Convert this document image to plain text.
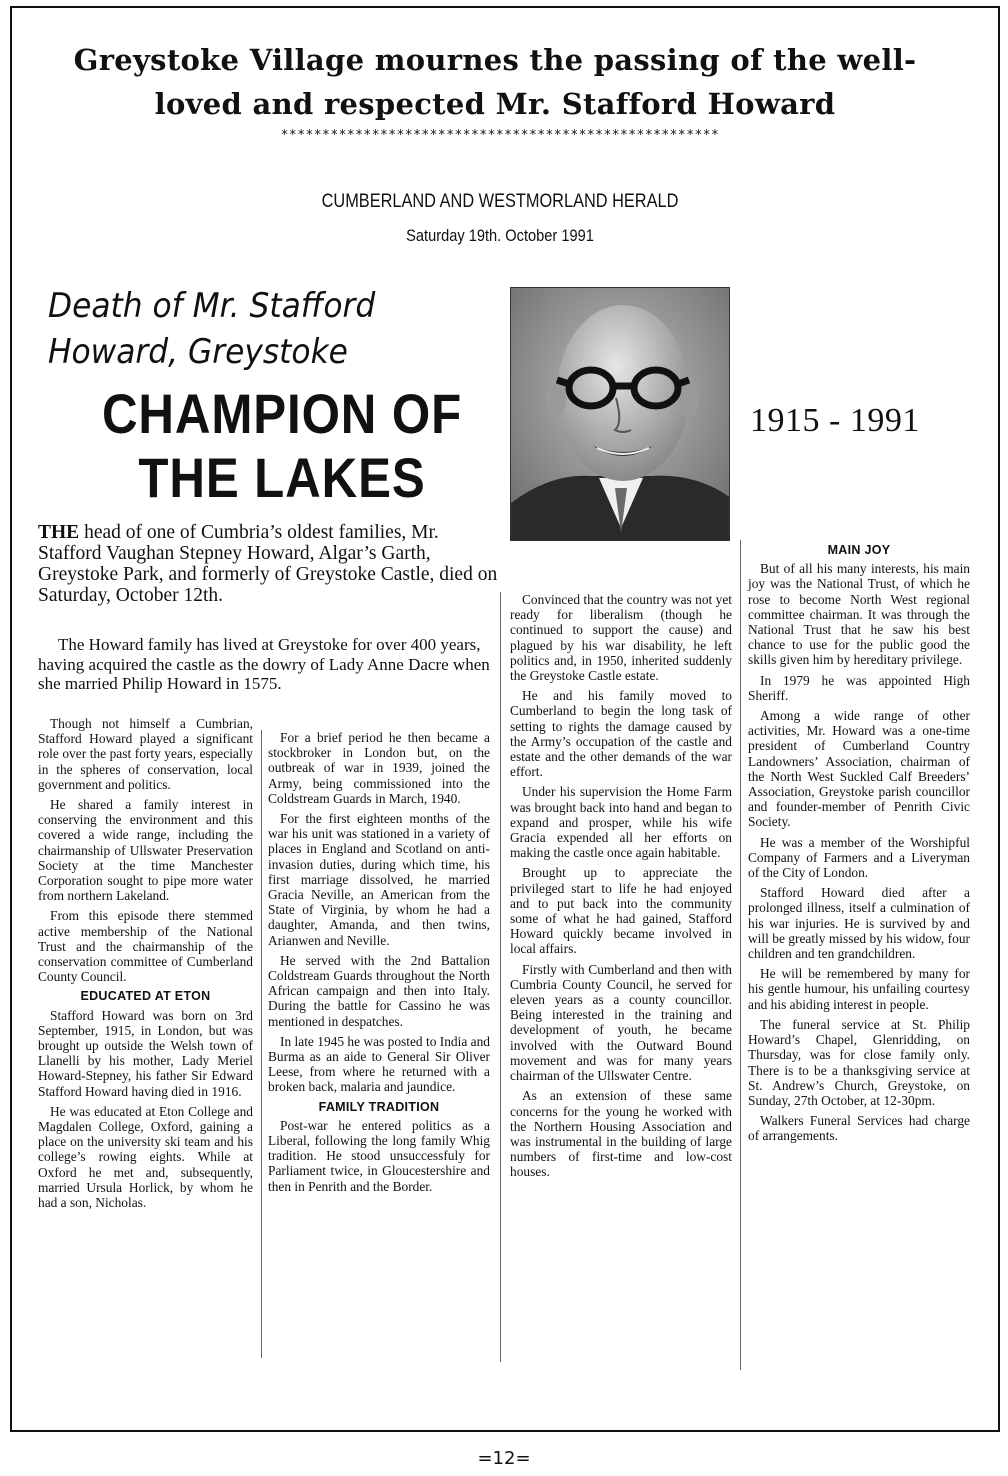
Greystoke Village mournes the passing of the well-
loved and respected Mr. Stafford Howard
*****************************************************
CUMBERLAND AND WESTMORLAND HERALD
Saturday 19th. October 1991
Death of Mr. Stafford
Howard, Greystoke
CHAMPION OF
THE LAKES
1915 - 1991
THE head of one of Cumbria’s oldest families, Mr. Stafford Vaughan Stepney Howard, Algar’s Garth, Greystoke Park, and formerly of Greystoke Castle, died on Saturday, October 12th.
The Howard family has lived at Greystoke for over 400 years, having acquired the castle as the dowry of Lady Anne Dacre when she married Philip Howard in 1575.

Though not himself a Cumbrian, Stafford Howard played a significant role over the past forty years, especially in the spheres of conservation, local government and politics.

He shared a family interest in conserving the environment and this covered a wide range, including the chairmanship of Ullswater Preservation Society at the time Manchester Corporation sought to pipe more water from northern Lakeland.

From this episode there stemmed active membership of the National Trust and the chairmanship of the conservation committee of Cumberland County Council.

EDUCATED AT ETON

Stafford Howard was born on 3rd September, 1915, in London, but was brought up outside the Welsh town of Llanelli by his mother, Lady Meriel Howard-Stepney, his father Sir Edward Stafford Howard having died in 1916.

He was educated at Eton College and Magdalen College, Oxford, gaining a place on the university ski team and his college’s rowing eights. While at Oxford he met and, subsequently, married Ursula Horlick, by whom he had a son, Nicholas.

For a brief period he then became a stockbroker in London but, on the outbreak of war in 1939, joined the Army, being commissioned into the Coldstream Guards in March, 1940.

For the first eighteen months of the war his unit was stationed in a variety of places in England and Scotland on anti-invasion duties, during which time, his first marriage dissolved, he married Gracia Neville, an American from the State of Virginia, by whom he had a daughter, Amanda, and then twins, Arianwen and Neville.

He served with the 2nd Battalion Coldstream Guards throughout the North African campaign and then into Italy. During the battle for Cassino he was mentioned in despatches.

In late 1945 he was posted to India and Burma as an aide to General Sir Oliver Leese, from where he returned with a broken back, malaria and jaundice.

FAMILY TRADITION

Post-war he entered politics as a Liberal, following the long family Whig tradition. He stood unsuccessfuly for Parliament twice, in Gloucestershire and then in Penrith and the Border.

Convinced that the country was not yet ready for liberalism (though he continued to support the cause) and plagued by his war disability, he left politics and, in 1950, inherited suddenly the Greystoke Castle estate.

He and his family moved to Cumberland to begin the long task of setting to rights the damage caused by the Army’s occupation of the castle and estate and the other demands of the war effort.

Under his supervision the Home Farm was brought back into hand and began to expand and prosper, while his wife Gracia expended all her efforts on making the castle once again habitable.

Brought up to appreciate the privileged start to life he had enjoyed and to put back into the community some of what he had gained, Stafford Howard quickly became involved in local affairs.

Firstly with Cumberland and then with Cumbria County Council, he served for eleven years as a county councillor. Being interested in the training and development of youth, he became involved with the Outward Bound movement and was for many years chairman of the Ullswater Centre.

As an extension of these same concerns for the young he worked with the Northern Housing Association and was instrumental in the building of large numbers of first-time and low-cost houses.

MAIN JOY

But of all his many interests, his main joy was the National Trust, of which he rose to become North West regional committee chairman. It was through the National Trust that he saw his best chance to use for the public good the skills given him by hereditary privilege.

In 1979 he was appointed High Sheriff.

Among a wide range of other activities, Mr. Howard was a one-time president of Cumberland Country Landowners’ Association, chairman of the North West Suckled Calf Breeders’ Association, Greystoke parish councillor and founder-member of Penrith Civic Society.

He was a member of the Worshipful Company of Farmers and a Liveryman of the City of London.

Stafford Howard died after a prolonged illness, itself a culmination of his war injuries. He is survived by and will be greatly missed by his widow, four children and ten grandchildren.

He will be remembered by many for his gentle humour, his unfailing courtesy and his abiding interest in people.

The funeral service at St. Philip Howard’s Chapel, Glenridding, on Thursday, was for close family only. There is to be a thanksgiving service at St. Andrew’s Church, Greystoke, on Sunday, 27th October, at 12-30pm.

Walkers Funeral Services had charge of arrangements.

=12=
